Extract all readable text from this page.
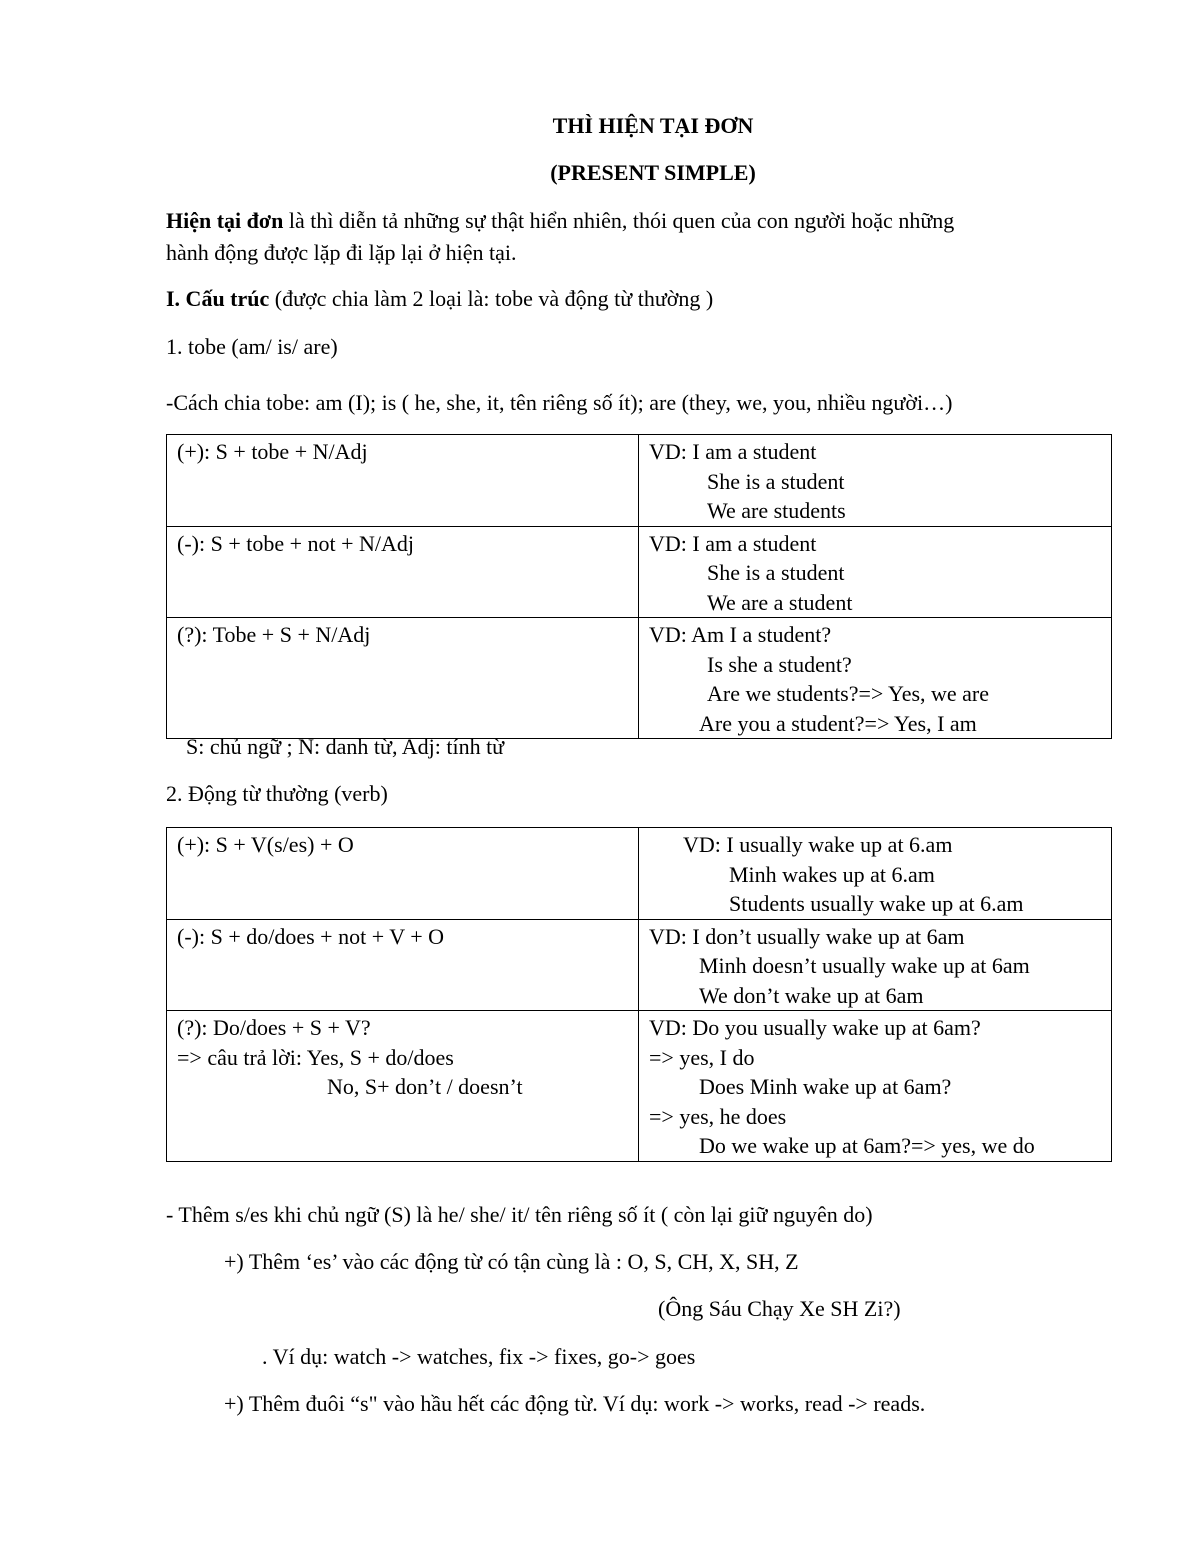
THÌ HIỆN TẠI ĐƠN
(PRESENT SIMPLE)
Hiện tại đơn là thì diễn tả những sự thật hiển nhiên, thói quen của con người hoặc những
hành động được lặp đi lặp lại ở hiện tại.
I. Cấu trúc (được chia làm 2 loại là: tobe và động từ thường )
1. tobe (am/ is/ are)
-Cách chia tobe: am (I); is ( he, she, it, tên riêng số ít); are (they, we, you, nhiều người…)
(+): S + tobe + N/Adj	VD: I am a student
She is a student
We are students

(-): S + tobe + not + N/Adj	VD: I am a student
She is a student
We are a student

(?): Tobe + S + N/Adj	VD: Am I a student?
Is she a student?
Are we students?=> Yes, we are
Are you a student?=> Yes, I am
S: chủ ngữ ; N: danh từ, Adj: tính từ
2. Động từ thường (verb)
(+): S + V(s/es) + O	VD: I usually wake up at 6.am
Minh wakes up at 6.am
Students usually wake up at 6.am

(-): S + do/does + not + V + O	VD: I don’t usually wake up at 6am
Minh doesn’t usually wake up at 6am
We don’t wake up at 6am

(?): Do/does + S + V?
=> câu trả lời: Yes, S + do/does
No, S+ don’t / doesn’t	VD: Do you usually wake up at 6am?
=> yes, I do
Does Minh wake up at 6am?
=> yes, he does
Do we wake up at 6am?=> yes, we do
- Thêm s/es khi chủ ngữ (S) là he/ she/ it/ tên riêng số ít ( còn lại giữ nguyên do)
+) Thêm ‘es’ vào các động từ có tận cùng là : O, S, CH, X, SH, Z
(Ông Sáu Chạy Xe SH Zi?)
. Ví dụ: watch -> watches, fix -> fixes, go-> goes
+) Thêm đuôi “s" vào hầu hết các động từ. Ví dụ: work -> works, read -> reads.
